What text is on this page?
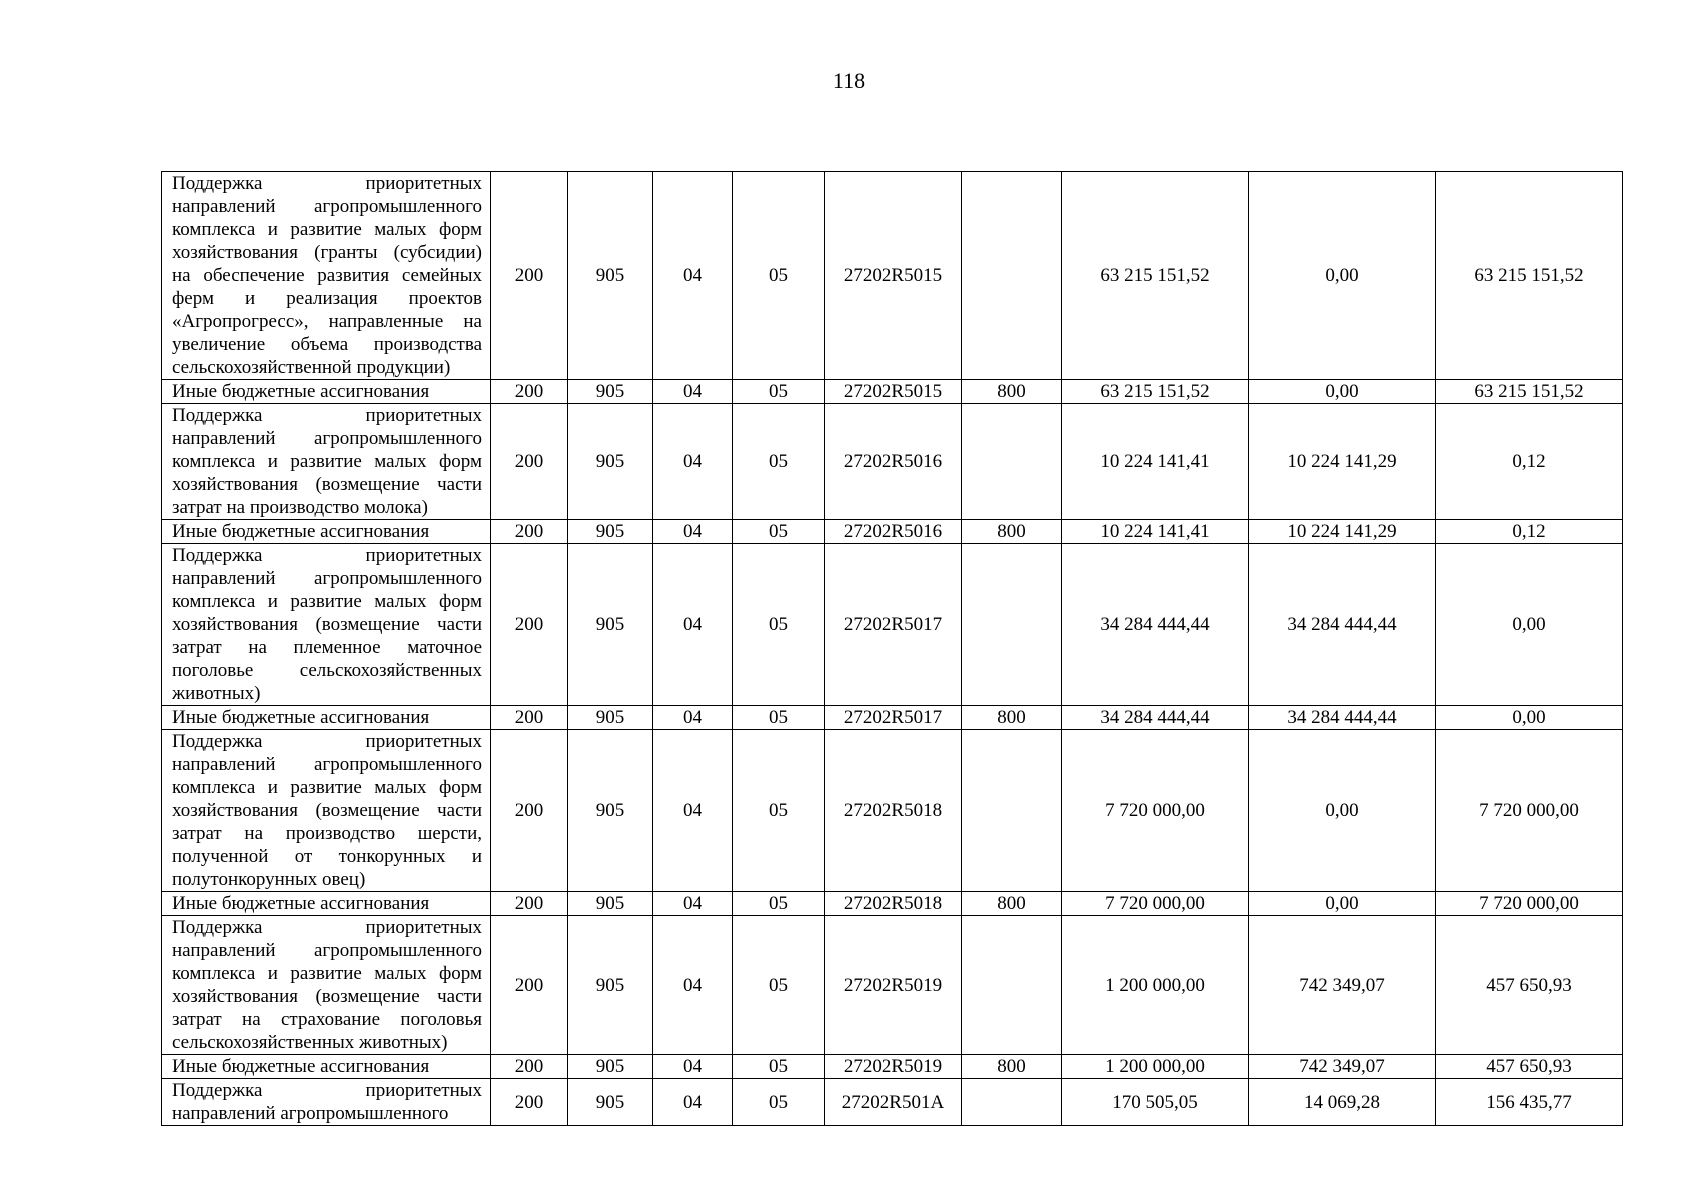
118
Поддержка приоритетных направлений агропромышленного комплекса и развитие малых форм хозяйствования (гранты (субсидии) на обеспечение развития семейных ферм и реализация проектов «Агропрогресс», направленные на увеличение объема производства сельскохозяйственной продукции)	200	905	04	05	27202R5015		63 215 151,52	0,00	63 215 151,52
Иные бюджетные ассигнования	200	905	04	05	27202R5015	800	63 215 151,52	0,00	63 215 151,52
Поддержка приоритетных направлений агропромышленного комплекса и развитие малых форм хозяйствования (возмещение части затрат на производство молока)	200	905	04	05	27202R5016		10 224 141,41	10 224 141,29	0,12
Иные бюджетные ассигнования	200	905	04	05	27202R5016	800	10 224 141,41	10 224 141,29	0,12
Поддержка приоритетных направлений агропромышленного комплекса и развитие малых форм хозяйствования (возмещение части затрат на племенное маточное поголовье сельскохозяйственных животных)	200	905	04	05	27202R5017		34 284 444,44	34 284 444,44	0,00
Иные бюджетные ассигнования	200	905	04	05	27202R5017	800	34 284 444,44	34 284 444,44	0,00
Поддержка приоритетных направлений агропромышленного комплекса и развитие малых форм хозяйствования (возмещение части затрат на производство шерсти, полученной от тонкорунных и полутонкорунных овец)	200	905	04	05	27202R5018		7 720 000,00	0,00	7 720 000,00
Иные бюджетные ассигнования	200	905	04	05	27202R5018	800	7 720 000,00	0,00	7 720 000,00
Поддержка приоритетных направлений агропромышленного комплекса и развитие малых форм хозяйствования (возмещение части затрат на страхование поголовья сельскохозяйственных животных)	200	905	04	05	27202R5019		1 200 000,00	742 349,07	457 650,93
Иные бюджетные ассигнования	200	905	04	05	27202R5019	800	1 200 000,00	742 349,07	457 650,93
Поддержка приоритетных направлений агропромышленного	200	905	04	05	27202R501A		170 505,05	14 069,28	156 435,77
